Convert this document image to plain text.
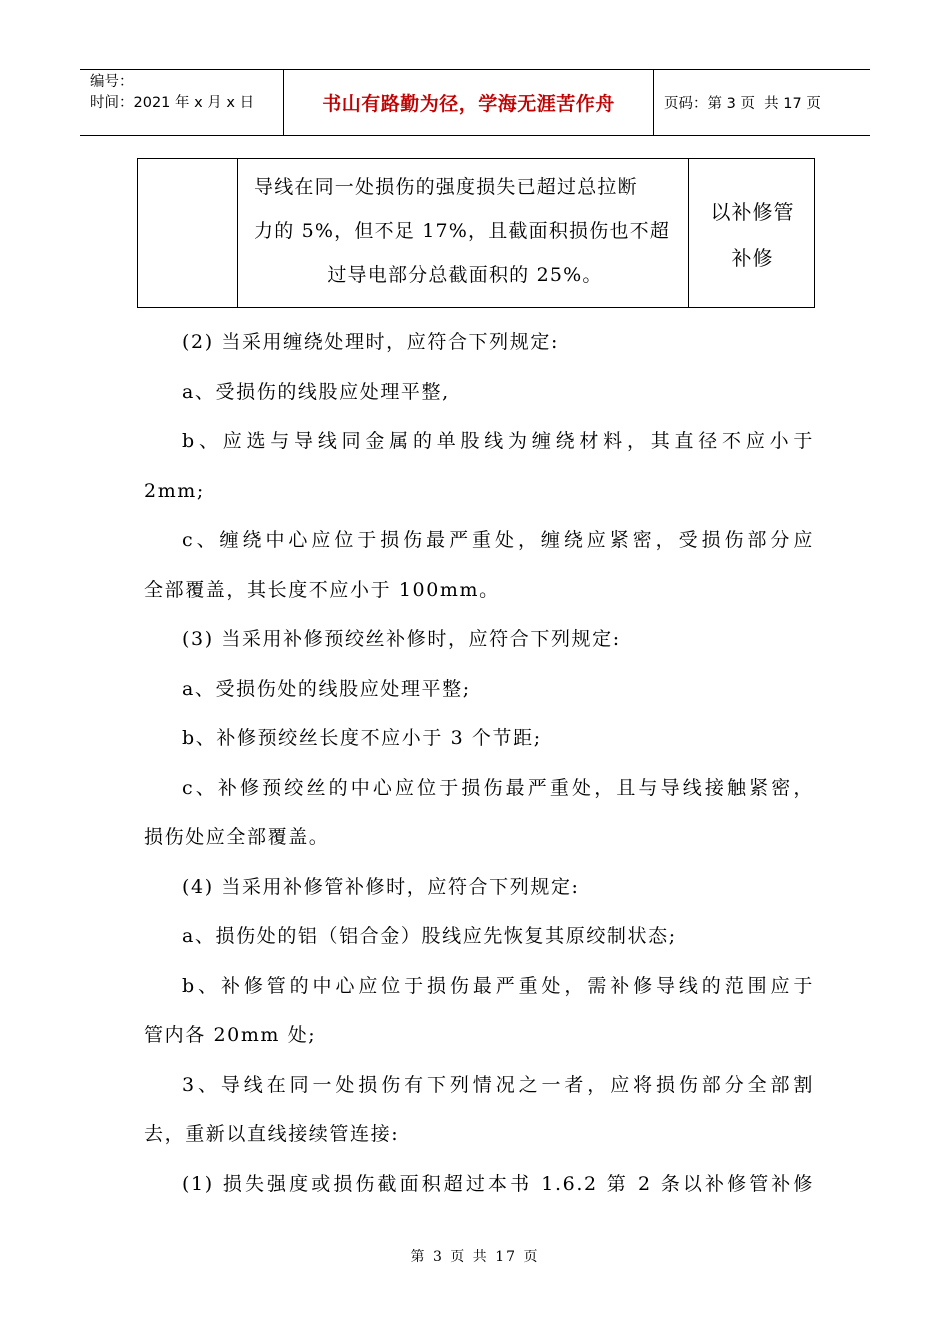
编号：
时间：2021 年 x 月 x 日	书山有路勤为径，学海无涯苦作舟	页码：第 3 页  共 17 页
导线在同一处损伤的强度损失已超过总拉断
力的 5%，但不足 17%，且截面积损伤也不超
过导电部分总截面积的 25%。
以补修管
补修
(2) 当采用缠绕处理时，应符合下列规定:
a、受损伤的线股应处理平整,
b、应选与导线同金属的单股线为缠绕材料，其直径不应小于
2mm;
c、缠绕中心应位于损伤最严重处，缠绕应紧密，受损伤部分应
全部覆盖，其长度不应小于 100mm。
(3) 当采用补修预绞丝补修时，应符合下列规定:
a、受损伤处的线股应处理平整;
b、补修预绞丝长度不应小于 3 个节距;
c、补修预绞丝的中心应位于损伤最严重处，且与导线接触紧密，
损伤处应全部覆盖。
(4) 当采用补修管补修时，应符合下列规定:
a、损伤处的铝（铝合金）股线应先恢复其原绞制状态;
b、补修管的中心应位于损伤最严重处，需补修导线的范围应于
管内各 20mm 处;
3、导线在同一处损伤有下列情况之一者，应将损伤部分全部割
去，重新以直线接续管连接:
(1) 损失强度或损伤截面积超过本书 1.6.2 第 2 条以补修管补修
第 3 页 共 17 页
